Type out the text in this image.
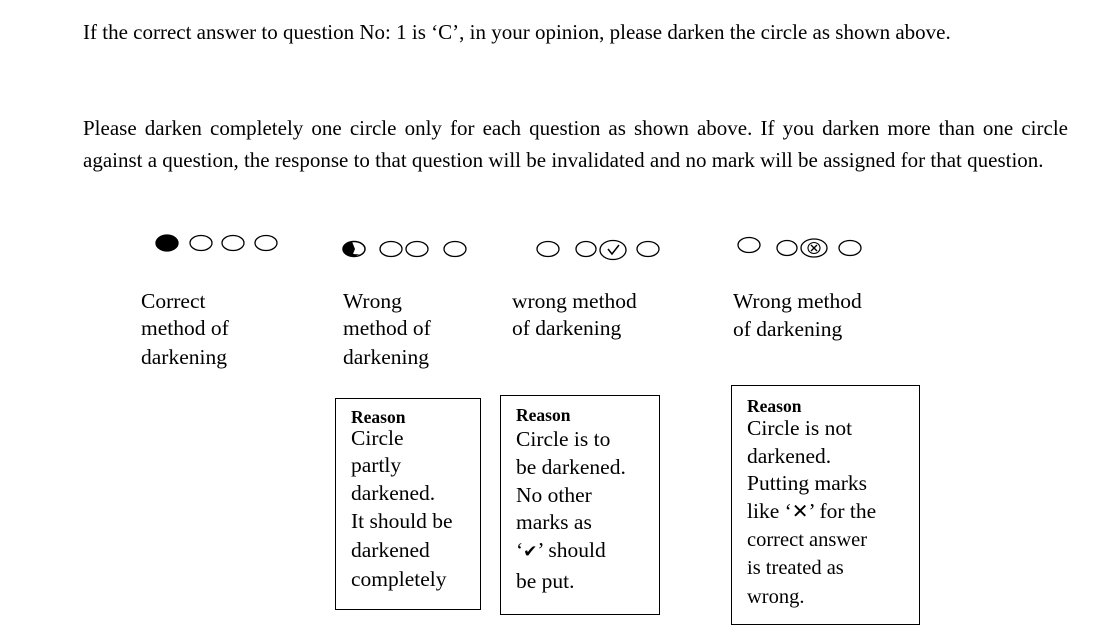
If the correct answer to question No: 1 is ‘C’, in your opinion, please darken the circle as shown above.

Please darken completely one circle only for each question as shown above. If you darken more than one circle against a question, the response to that question will be invalidated and no mark will be assigned for that question.

Correct
method of
darkening
Wrong
method of
darkening
Reason
Circle
partly
darkened.
It should be
darkened
completely
wrong method
of darkening
Reason
Circle is to
be darkened.
No other
marks as
‘✔’ should
be put.
Wrong method
of darkening
Reason
Circle is not
darkened.
Putting marks
like ‘✕’ for the
correct answer
is treated as
wrong.
